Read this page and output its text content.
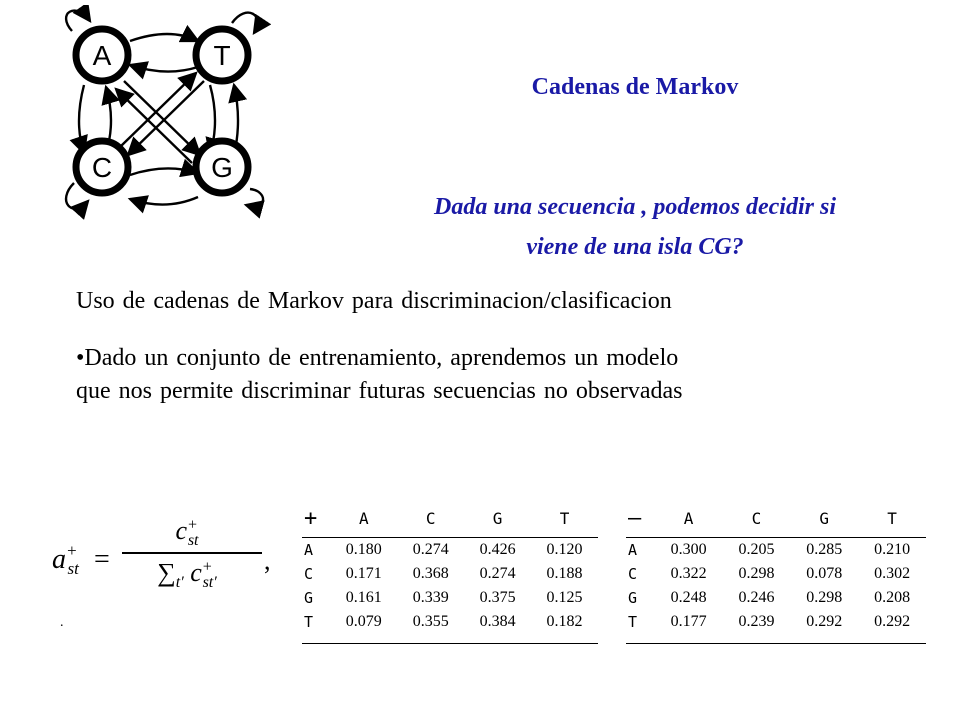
A	T
C	G
Cadenas de Markov
Dada una secuencia , podemos decidir si
viene de una isla CG?
Uso de cadenas de Markov para discriminacion/clasificacion
•Dado un conjunto de entrenamiento, aprendemos un modelo
que nos permite discriminar futuras secuencias no observadas
$a^+_{st}$ =
$c^+_{st}$
$\sum_{t'}$ $c^+_{st'}$
,
.
+	A	C	G	T
A	0.180	0.274	0.426	0.120
C	0.171	0.368	0.274	0.188
G	0.161	0.339	0.375	0.125
T	0.079	0.355	0.384	0.182
—	A	C	G	T
A	0.300	0.205	0.285	0.210
C	0.322	0.298	0.078	0.302
G	0.248	0.246	0.298	0.208
T	0.177	0.239	0.292	0.292
